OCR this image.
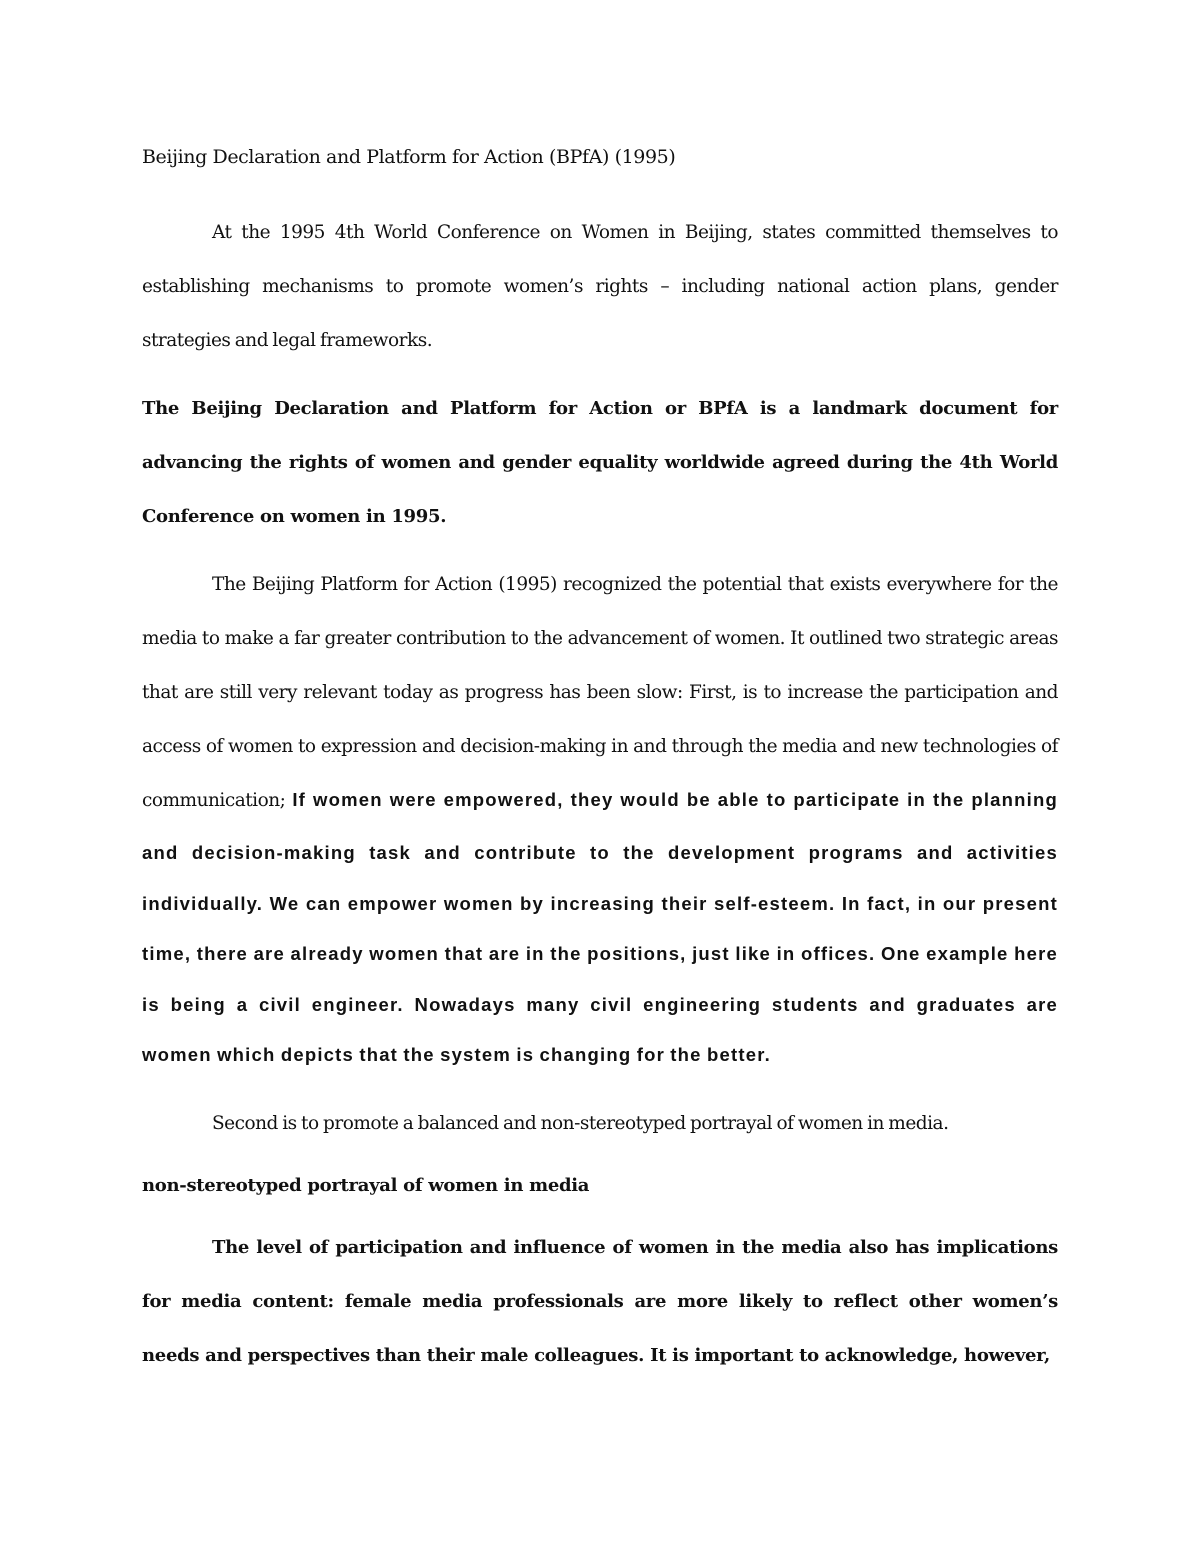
Beijing Declaration and Platform for Action (BPfA) (1995)

At the 1995 4th World Conference on Women in Beijing, states committed themselves to establishing mechanisms to promote women’s rights – including national action plans, gender strategies and legal frameworks.

The Beijing Declaration and Platform for Action or BPfA is a landmark document for advancing the rights of women and gender equality worldwide agreed during the 4th World Conference on women in 1995.

The Beijing Platform for Action (1995) recognized the potential that exists everywhere for the media to make a far greater contribution to the advancement of women. It outlined two strategic areas that are still very relevant today as progress has been slow: First, is to increase the participation and access of women to expression and decision-making in and through the media and new technologies of communication; If women were empowered, they would be able to participate in the planning and decision-making task and contribute to the development programs and activities individually. We can empower women by increasing their self-esteem. In fact, in our present time, there are already women that are in the positions, just like in offices. One example here is being a civil engineer. Nowadays many civil engineering students and graduates are women which depicts that the system is changing for the better.

Second is to promote a balanced and non-stereotyped portrayal of women in media.

non-stereotyped portrayal of women in media

The level of participation and influence of women in the media also has implications for media content: female media professionals are more likely to reflect other women’s needs and perspectives than their male colleagues. It is important to acknowledge, however,
